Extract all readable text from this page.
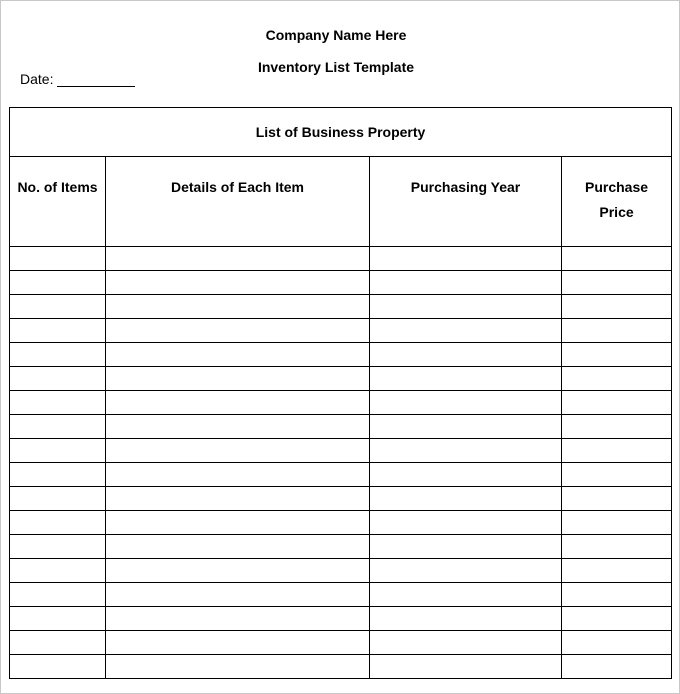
Company Name Here
Inventory List Template
Date:
List of Business Property			
No. of Items	Details of Each Item	Purchasing Year	Purchase
Price
